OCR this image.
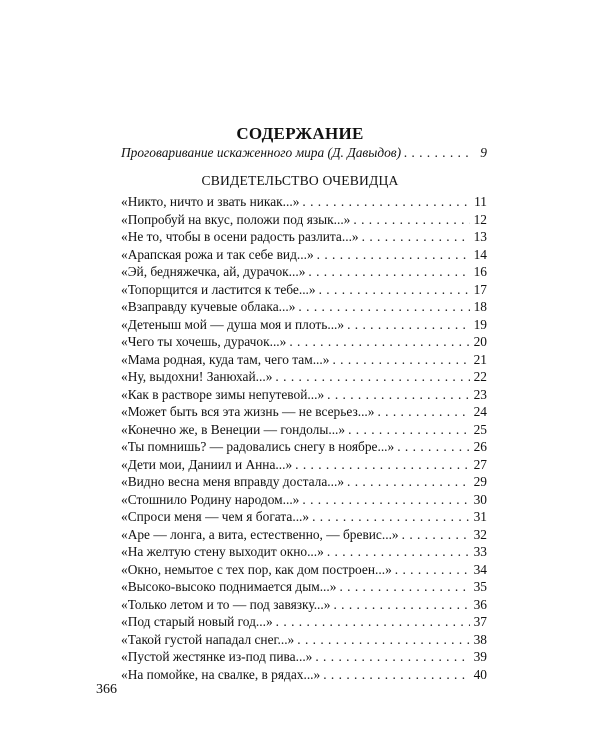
СОДЕРЖАНИЕ
Проговаривание искаженного мира (Д. Давыдов) . . .	9
СВИДЕТЕЛЬСТВО ОЧЕВИДЦА
«Никто, ничто и звать никак...» . . .	11
«Попробуй на вкус, положи под язык...» . . .	12
«Не то, чтобы в осени радость разлита...» . . .	13
«Арапская рожа и так себе вид...» . . .	14
«Эй, бедняжечка, ай, дурачок...» . . .	16
«Топорщится и ластится к тебе...» . . .	17
«Взаправду кучевые облака...» . . .	18
«Детеныш мой — душа моя и плоть...» . . .	19
«Чего ты хочешь, дурачок...» . . .	20
«Мама родная, куда там, чего там...» . . .	21
«Ну, выдохни! Занюхай...» . . .	22
«Как в растворе зимы непутевой...» . . .	23
«Может быть вся эта жизнь — не всерьез...» . . .	24
«Конечно же, в Венеции — гондолы...» . . .	25
«Ты помнишь? — радовались снегу в ноябре...» . . .	26
«Дети мои, Даниил и Анна...» . . .	27
«Видно весна меня вправду достала...» . . .	29
«Стошнило Родину народом...» . . .	30
«Спроси меня — чем я богата...» . . .	31
«Аре — лонга, а вита, естественно, — бревис...» . . .	32
«На желтую стену выходит окно...» . . .	33
«Окно, немытое с тех пор, как дом построен...» . . .	34
«Высоко-высоко поднимается дым...» . . .	35
«Только летом и то — под завязку...» . . .	36
«Под старый новый год...» . . .	37
«Такой густой нападал снег...» . . .	38
«Пустой жестянке из-под пива...» . . .	39
«На помойке, на свалке, в рядах...» . . .	40
366
